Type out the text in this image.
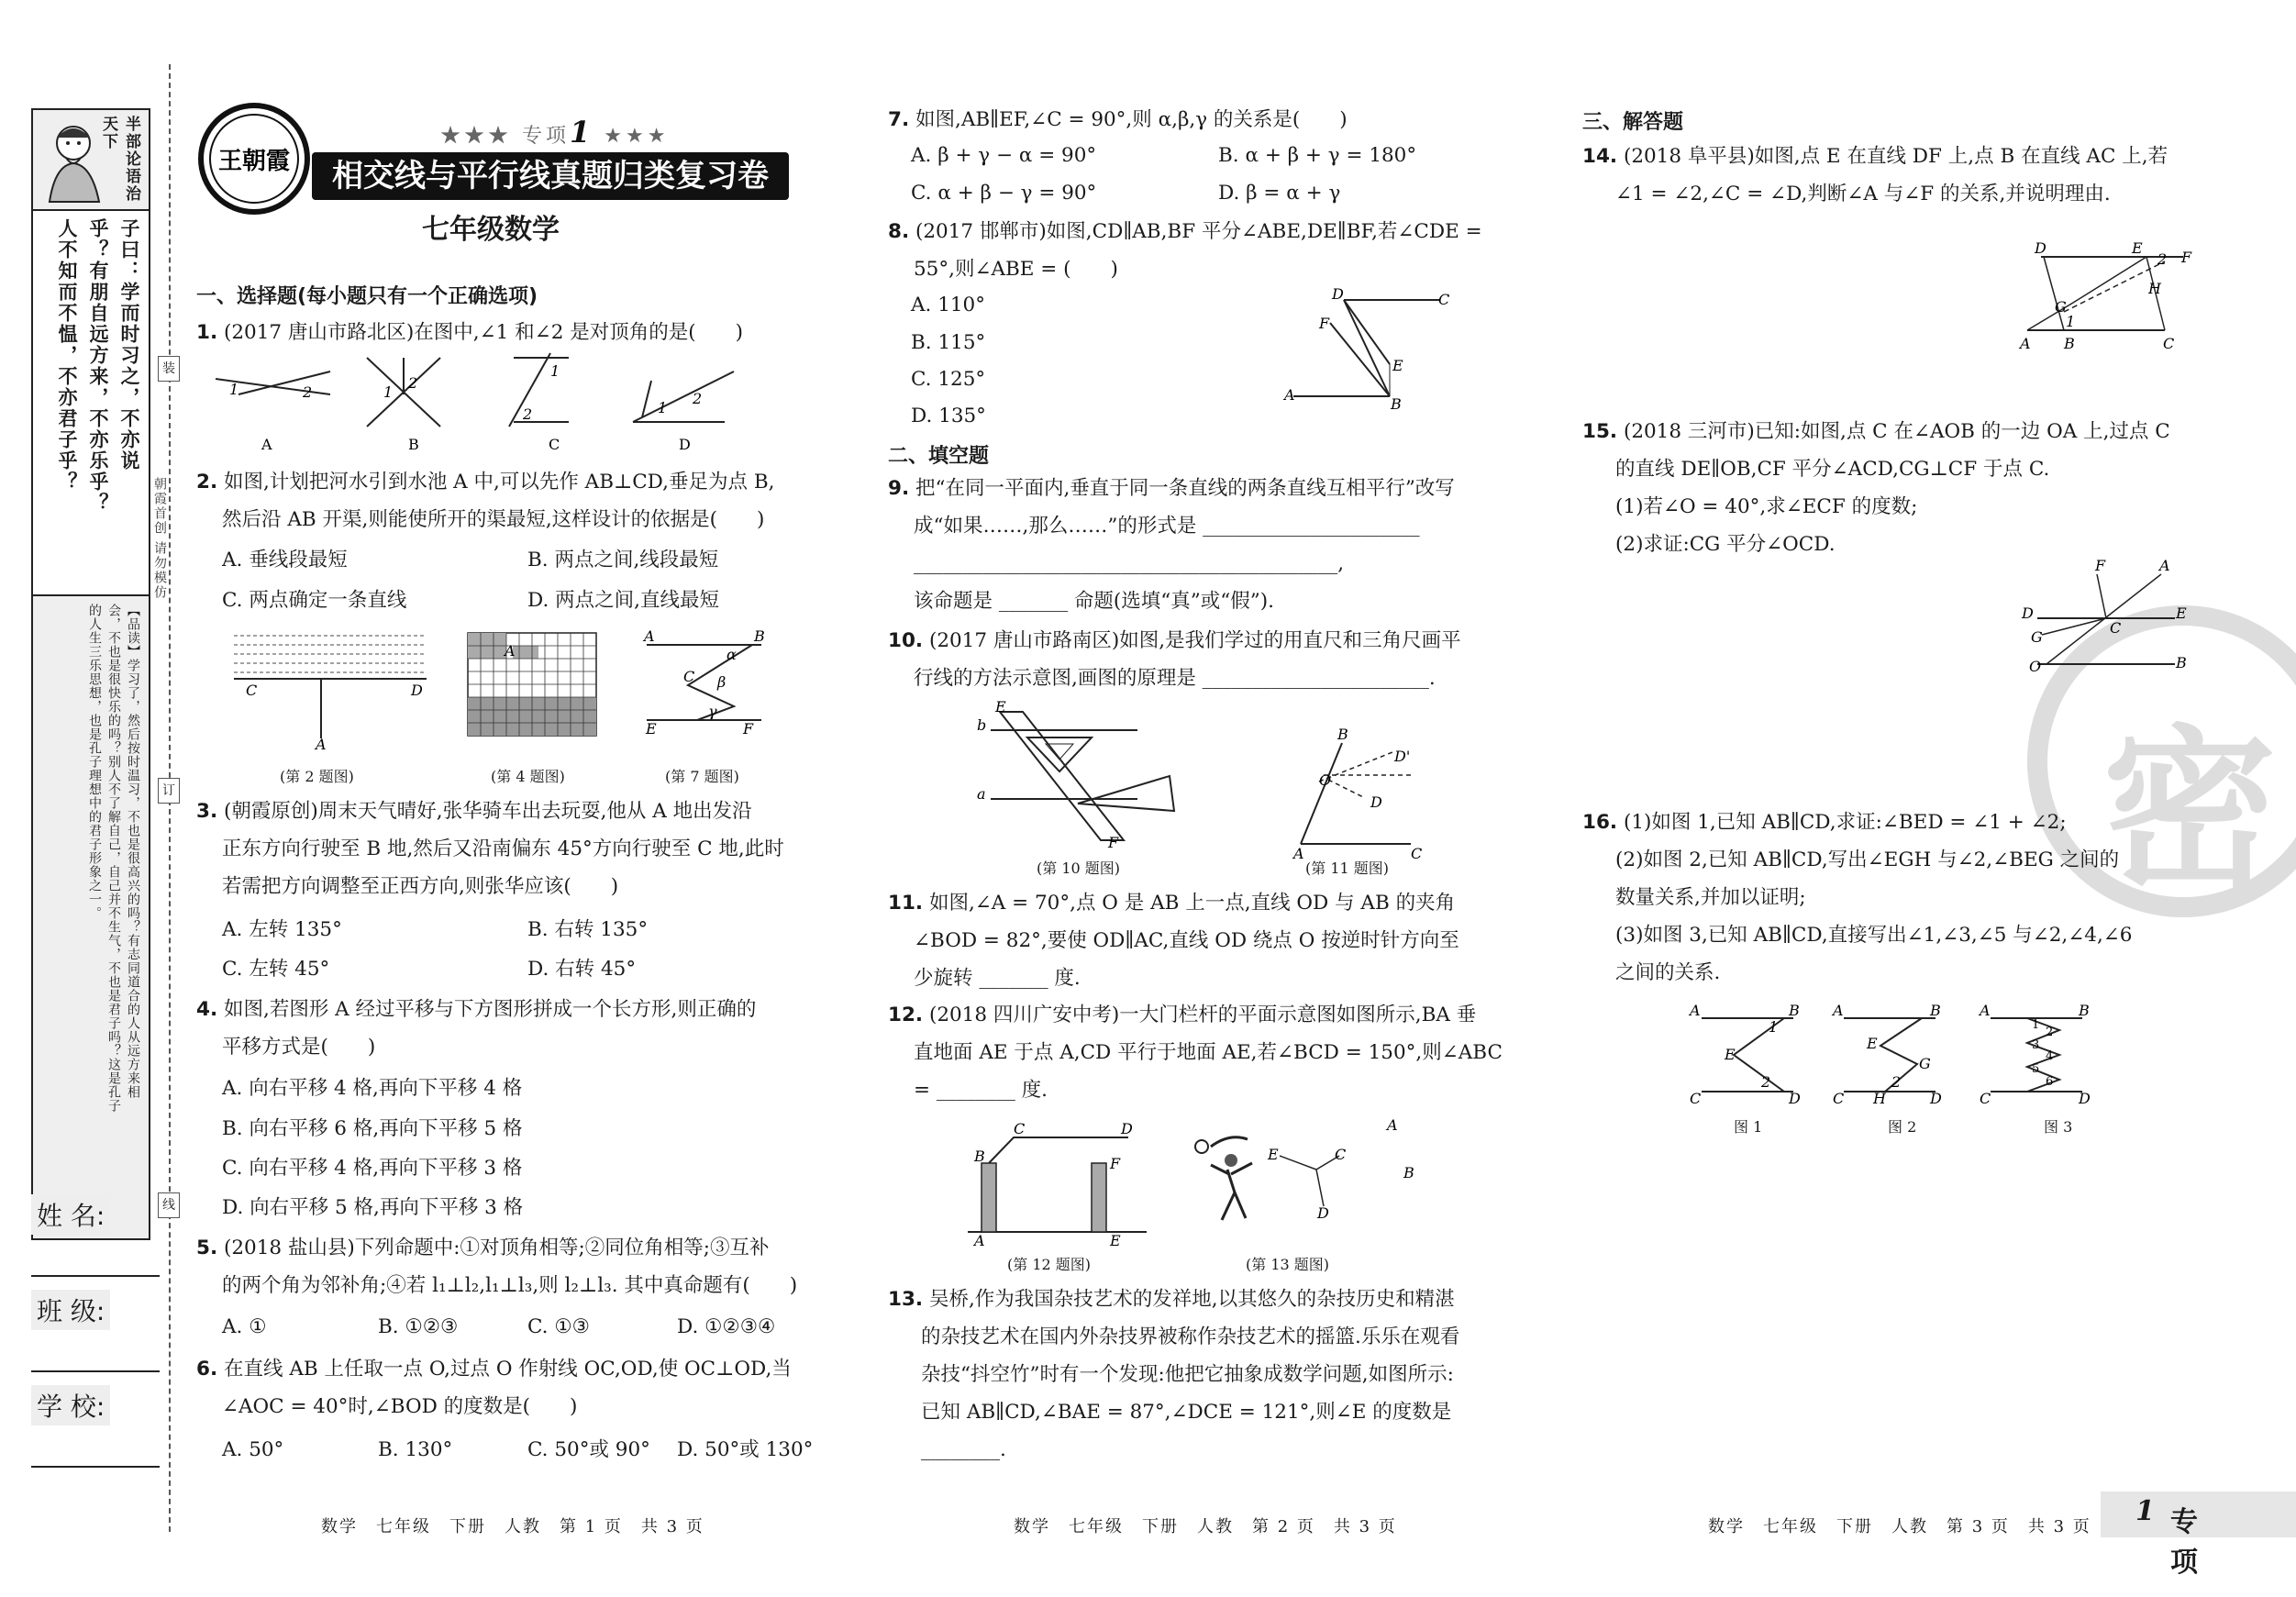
半部论语治天下
子曰：学而时习之，不亦说
乎？有朋自远方来，不亦乐乎？
人不知而不愠，不亦君子乎？
【品读】学习了，然后按时温习，不也是很高兴的吗？有志同道合的人从远方来相
会，不也是很快乐的吗？别人不了解自己，自己并不生气，不也是君子吗？这是孔子
的人生三乐思想，也是孔子理想中的君子形象之一。
姓 名:
班 级:
学 校:
装
订
线
朝霞首创
请勿模仿
王朝霞
★★★ 专项1 ★★★
相交线与平行线真题归类复习卷
七年级数学
一、选择题(每小题只有一个正确选项)
1. (2017 唐山市路北区)在图中,∠1 和∠2 是对顶角的是(　　)
1	2	1
2
1
2	1
2
A	B	C	D
2. 如图,计划把河水引到水池 A 中,可以先作 AB⊥CD,垂足为点 B,
然后沿 AB 开渠,则能使所开的渠最短,这样设计的依据是(　　)
A. 垂线段最短	B. 两点之间,线段最短
C. 两点确定一条直线	D. 两点之间,直线最短
C	D
A
A
A	B
C
E	F
α
β
γ
(第 2 题图)	(第 4 题图)	(第 7 题图)
3. (朝霞原创)周末天气晴好,张华骑车出去玩耍,他从 A 地出发沿
正东方向行驶至 B 地,然后又沿南偏东 45°方向行驶至 C 地,此时
若需把方向调整至正西方向,则张华应该(　　)
A. 左转 135°	B. 右转 135°
C. 左转 45°	D. 右转 45°
4. 如图,若图形 A 经过平移与下方图形拼成一个长方形,则正确的
平移方式是(　　)
A. 向右平移 4 格,再向下平移 4 格
B. 向右平移 6 格,再向下平移 5 格
C. 向右平移 4 格,再向下平移 3 格
D. 向右平移 5 格,再向下平移 3 格
5. (2018 盐山县)下列命题中:①对顶角相等;②同位角相等;③互补
的两个角为邻补角;④若 l₁⊥l₂,l₁⊥l₃,则 l₂⊥l₃. 其中真命题有(　　)
A. ①	B. ①②③	C. ①③	D. ①②③④
6. 在直线 AB 上任取一点 O,过点 O 作射线 OC,OD,使 OC⊥OD,当
∠AOC = 40°时,∠BOD 的度数是(　　)
A. 50°	B. 130°	C. 50°或 90° D. 50°或 130°
数学　七年级　下册　人教　第 1 页　共 3 页
7. 如图,AB∥EF,∠C = 90°,则 α,β,γ 的关系是(　　)
A. β + γ − α = 90°	B. α + β + γ = 180°
C. α + β − γ = 90°	D. β = α + γ
8. (2017 邯郸市)如图,CD∥AB,BF 平分∠ABE,DE∥BF,若∠CDE =
55°,则∠ABE = (　　)
A. 110°
B. 115°
C. 125°
D. 135°
D	C
F
E
A
B
二、填空题
9. 把“在同一平面内,垂直于同一条直线的两条直线互相平行”改写
成“如果……,那么……”的形式是 ______________________
___________________________________________,
该命题是 _______ 命题(选填“真”或“假”).
10. (2017 唐山市路南区)如图,是我们学过的用直尺和三角尺画平
行线的方法示意图,画图的原理是 _______________________.
b
a
E
F
A	C
B
O
D'
D
(第 10 题图)	(第 11 题图)
11. 如图,∠A = 70°,点 O 是 AB 上一点,直线 OD 与 AB 的夹角
∠BOD = 82°,要使 OD∥AC,直线 OD 绕点 O 按逆时针方向至
少旋转 _______ 度.
12. (2018 四川广安中考)一大门栏杆的平面示意图如图所示,BA 垂
直地面 AE 于点 A,CD 平行于地面 AE,若∠BCD = 150°,则∠ABC
= ________ 度.
B
C	D
F
A	E
E	C
D
A
B
(第 12 题图)	(第 13 题图)
13. 吴桥,作为我国杂技艺术的发祥地,以其悠久的杂技历史和精湛
的杂技艺术在国内外杂技界被称作杂技艺术的摇篮.乐乐在观看
杂技“抖空竹”时有一个发现:他把它抽象成数学问题,如图所示:
已知 AB∥CD,∠BAE = 87°,∠DCE = 121°,则∠E 的度数是
________.
数学　七年级　下册　人教　第 2 页　共 3 页
密
三、解答题
14. (2018 阜平县)如图,点 E 在直线 DF 上,点 B 在直线 AC 上,若
∠1 = ∠2,∠C = ∠D,判断∠A 与∠F 的关系,并说明理由.
D	E
F
G
H
A B	C
1
2
15. (2018 三河市)已知:如图,点 C 在∠AOB 的一边 OA 上,过点 C
的直线 DE∥OB,CF 平分∠ACD,CG⊥CF 于点 C.
(1)若∠O = 40°,求∠ECF 的度数;
(2)求证:CG 平分∠OCD.
F	A
D	E
G
C
O	B
16. (1)如图 1,已知 AB∥CD,求证:∠BED = ∠1 + ∠2;
(2)如图 2,已知 AB∥CD,写出∠EGH 与∠2,∠BEG 之间的
数量关系,并加以证明;
(3)如图 3,已知 AB∥CD,直接写出∠1,∠3,∠5 与∠2,∠4,∠6
之间的关系.
A	B
C	D
E
1
2
A	B
C H	D
E
G
2
A	B
C	D
1
2
3
4
5
6
图 1	图 2	图 3
数学　七年级　下册　人教　第 3 页　共 3 页	专项
1
